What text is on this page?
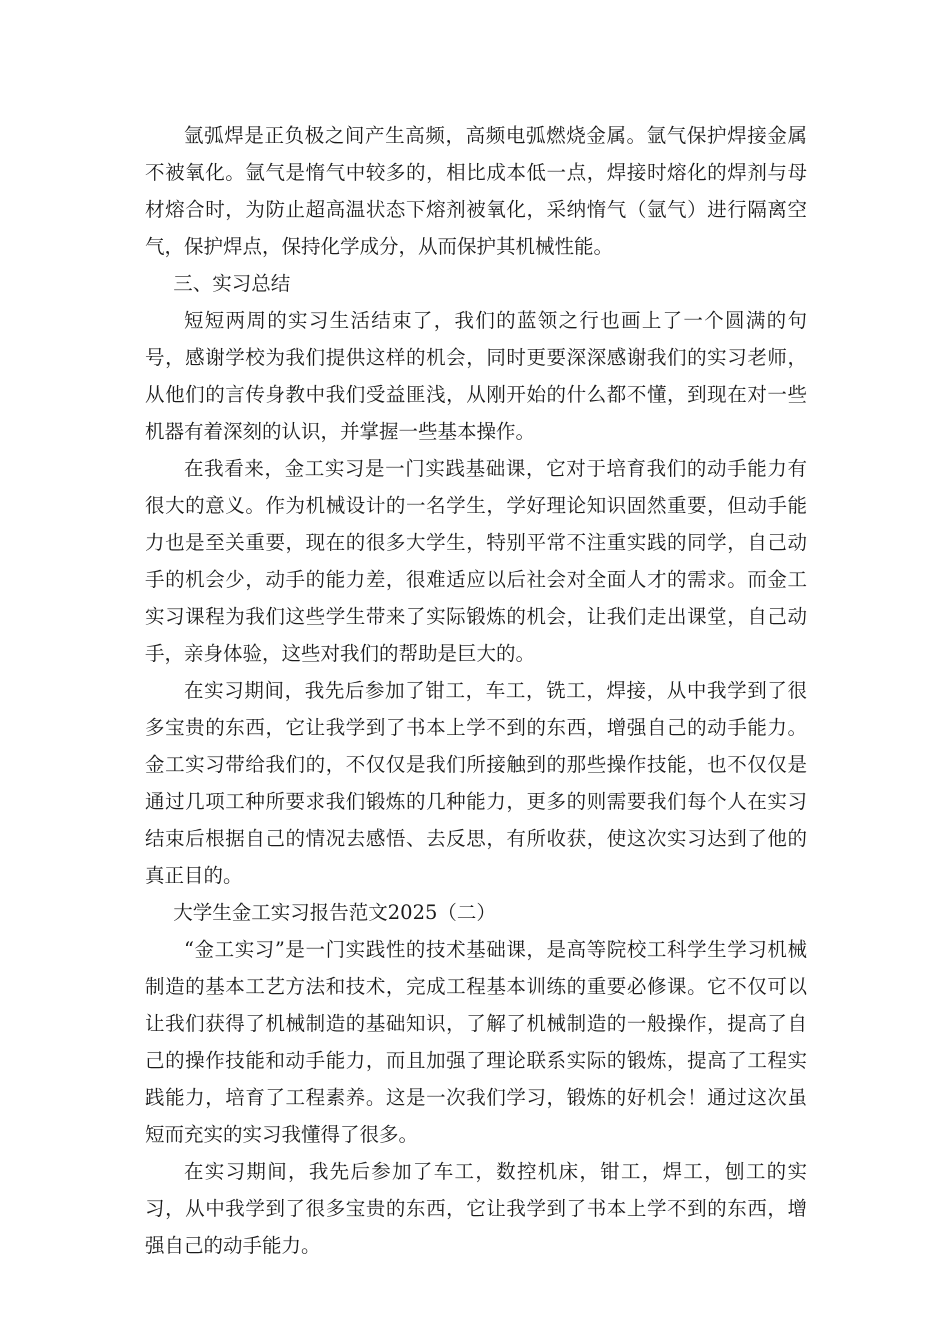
氩弧焊是正负极之间产生高频，高频电弧燃烧金属。氩气保护焊接金属不被氧化。氩气是惰气中较多的，相比成本低一点，焊接时熔化的焊剂与母材熔合时，为防止超高温状态下熔剂被氧化，采纳惰气（氩气）进行隔离空气，保护焊点，保持化学成分，从而保护其机械性能。

三、实习总结

短短两周的实习生活结束了，我们的蓝领之行也画上了一个圆满的句号，感谢学校为我们提供这样的机会，同时更要深深感谢我们的实习老师，从他们的言传身教中我们受益匪浅，从刚开始的什么都不懂，到现在对一些机器有着深刻的认识，并掌握一些基本操作。

在我看来，金工实习是一门实践基础课，它对于培育我们的动手能力有很大的意义。作为机械设计的一名学生，学好理论知识固然重要，但动手能力也是至关重要，现在的很多大学生，特别平常不注重实践的同学，自己动手的机会少，动手的能力差，很难适应以后社会对全面人才的需求。而金工实习课程为我们这些学生带来了实际锻炼的机会，让我们走出课堂，自己动手，亲身体验，这些对我们的帮助是巨大的。

在实习期间，我先后参加了钳工，车工，铣工，焊接，从中我学到了很多宝贵的东西，它让我学到了书本上学不到的东西，增强自己的动手能力。金工实习带给我们的，不仅仅是我们所接触到的那些操作技能，也不仅仅是通过几项工种所要求我们锻炼的几种能力，更多的则需要我们每个人在实习结束后根据自己的情况去感悟、去反思，有所收获，使这次实习达到了他的真正目的。

大学生金工实习报告范文2025（二）

“金工实习”是一门实践性的技术基础课，是高等院校工科学生学习机械制造的基本工艺方法和技术，完成工程基本训练的重要必修课。它不仅可以让我们获得了机械制造的基础知识，了解了机械制造的一般操作，提高了自己的操作技能和动手能力，而且加强了理论联系实际的锻炼，提高了工程实践能力，培育了工程素养。这是一次我们学习，锻炼的好机会！通过这次虽短而充实的实习我懂得了很多。

在实习期间，我先后参加了车工，数控机床，钳工，焊工，刨工的实习，从中我学到了很多宝贵的东西，它让我学到了书本上学不到的东西，增强自己的动手能力。
